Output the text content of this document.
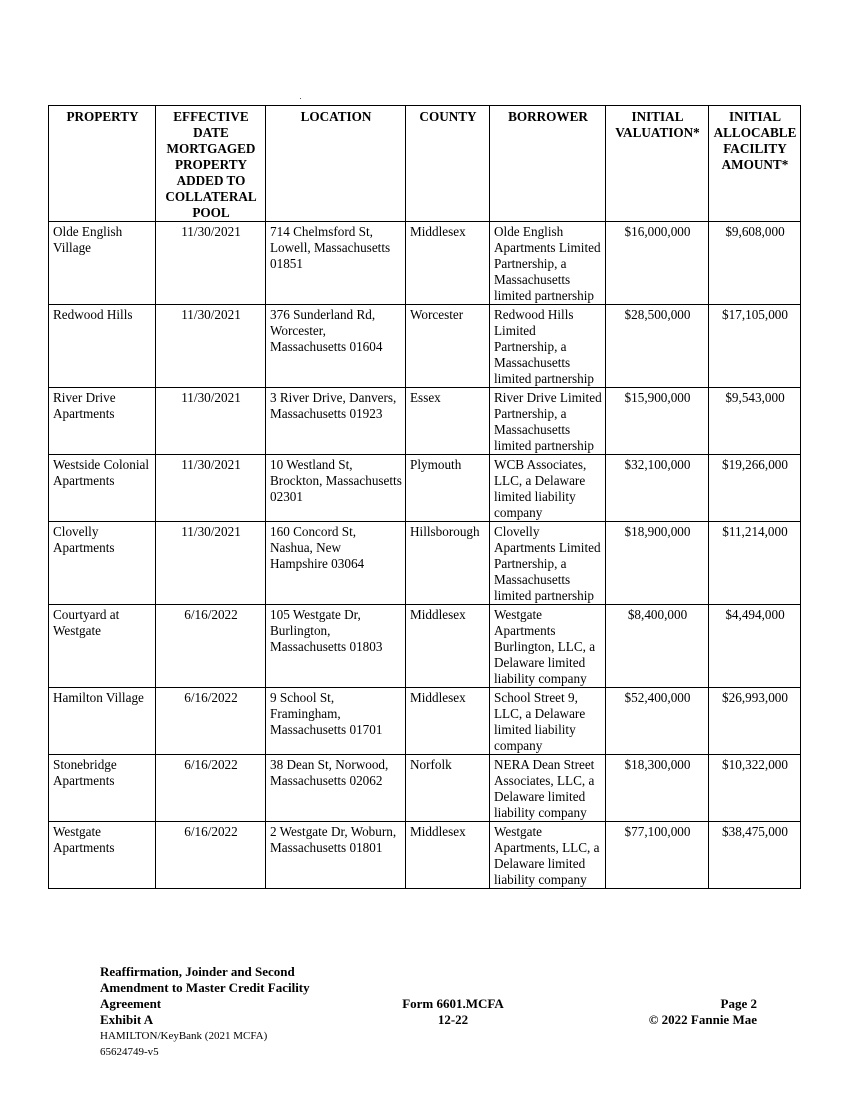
PROPERTY	EFFECTIVE DATE MORTGAGED PROPERTY ADDED TO COLLATERAL POOL	LOCATION	COUNTY	BORROWER	INITIAL VALUATION*	INITIAL ALLOCABLE FACILITY AMOUNT*
Olde English Village	11/30/2021	714 Chelmsford St, Lowell, Massachusetts 01851	Middlesex	Olde English Apartments Limited Partnership, a Massachusetts limited partnership	$16,000,000	$9,608,000
Redwood Hills	11/30/2021	376 Sunderland Rd, Worcester, Massachusetts 01604	Worcester	Redwood Hills Limited Partnership, a Massachusetts limited partnership	$28,500,000	$17,105,000
River Drive Apartments	11/30/2021	3 River Drive, Danvers, Massachusetts 01923	Essex	River Drive Limited Partnership, a Massachusetts limited partnership	$15,900,000	$9,543,000
Westside Colonial Apartments	11/30/2021	10 Westland St, Brockton, Massachusetts 02301	Plymouth	WCB Associates, LLC, a Delaware limited liability company	$32,100,000	$19,266,000
Clovelly Apartments	11/30/2021	160 Concord St, Nashua, New Hampshire 03064	Hillsborough	Clovelly Apartments Limited Partnership, a Massachusetts limited partnership	$18,900,000	$11,214,000
Courtyard at Westgate	6/16/2022	105 Westgate Dr, Burlington, Massachusetts 01803	Middlesex	Westgate Apartments Burlington, LLC, a Delaware limited liability company	$8,400,000	$4,494,000
Hamilton Village	6/16/2022	9 School St, Framingham, Massachusetts 01701	Middlesex	School Street 9, LLC, a Delaware limited liability company	$52,400,000	$26,993,000
Stonebridge Apartments	6/16/2022	38 Dean St, Norwood, Massachusetts 02062	Norfolk	NERA Dean Street Associates, LLC, a Delaware limited liability company	$18,300,000	$10,322,000
Westgate Apartments	6/16/2022	2 Westgate Dr, Woburn, Massachusetts 01801	Middlesex	Westgate Apartments, LLC, a Delaware limited liability company	$77,100,000	$38,475,000
Reaffirmation, Joinder and Second
Amendment to Master Credit Facility
Agreement
Exhibit A
HAMILTON/KeyBank (2021 MCFA)
65624749-v5
Form 6601.MCFA
12-22
Page 2
© 2022 Fannie Mae
